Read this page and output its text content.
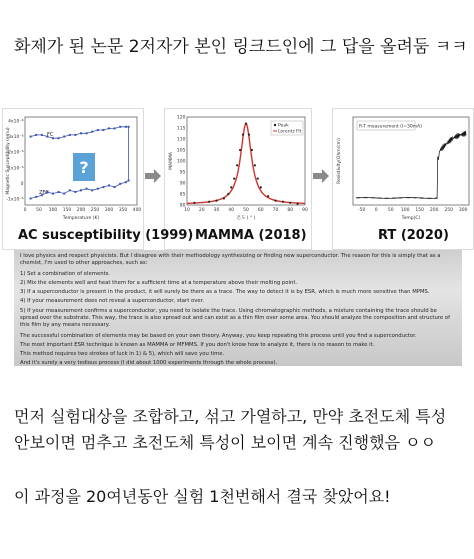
화제가 된 논문 2저자가 본인 링크드인에 그 답을 올려둠 ㅋㅋ
4x10⁻⁶
3x10⁻⁶
2x10⁻⁶
1x10⁻⁶
0
-1x10⁻⁶
0 50 100 150 200 250 300 350 400
?
FC
ZFC
Temperature (K)
Magnetic Susceptibility (emu)
120
115
110
105
100
95
90
85
80
10 20 30 40 50 60 70 80 90
Peak
Lorentz Fit
온도 ( ° )
MAMMA
-50 0 50 100 150 200 250 300
R-T measurement (I=30mA)
Temp(C)
Resistivity(Ohm/cm)
AC susceptibility (1999) MAMMA (2018)	RT (2020)

I love physics and respect physicists. But I disagree with their methodology synthesizing or finding new superconductor. The reason for this is simply that as a chemist, I'm used to other approaches, such as:

1) Set a combination of elements.

2) Mix the elements well and heat them for a sufficient time at a temperature above their melting point.

3) If a superconductor is present in the product, it will surely be there as a trace. The way to detect it is by ESR, which is much more sensitive than MPMS.

4) If your measurement does not reveal a superconductor, start over.

5) If your measurement confirms a superconductor, you need to isolate the trace. Using chromatographic methods, a mixture containing the trace should be spread over the substrate. This way, the trace is also spread out and can exist as a thin film over some area. You should analyze the composition and structure of this film by any means necessary.

The successful combination of elements may be based on your own theory. Anyway, you keep repeating this process until you find a superconductor.

The most important ESR technique is known as MAMMA or MFMMS. If you don't know how to analyze it, there is no reason to make it.

This method requires two strokes of luck in 1) & 5), which will save you time.

And it's surely a very tedious process (I did about 1000 experiments through the whole process).

먼저 실험대상을 조합하고, 섞고 가열하고, 만약 초전도체 특성
안보이면 멈추고 초전도체 특성이 보이면 계속 진행했음 ㅇㅇ
이 과정을 20여년동안 실험 1천번해서 결국 찾았어요!
